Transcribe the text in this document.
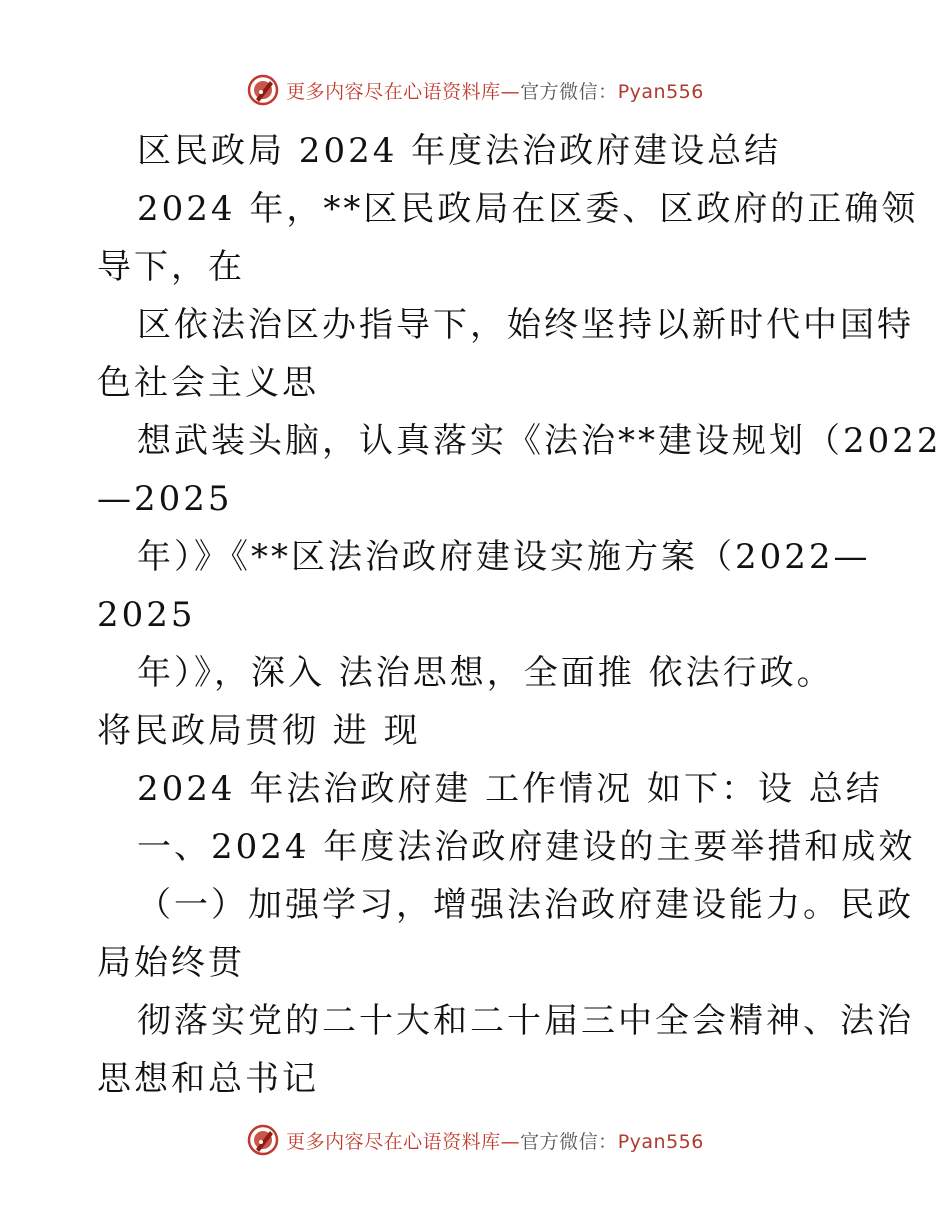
更多内容尽在心语资料库—官方微信：Pyan556
区民政局 2024 年度法治政府建设总结
2024 年，**区民政局在区委、区政府的正确领
导下，在
区依法治区办指导下，始终坚持以新时代中国特
色社会主义思
想武装头脑，认真落实《法治**建设规划（2022
—2025
年）》《**区法治政府建设实施方案（2022—
2025
年）》，深入 法治思想，全面推 依法行政。
将民政局贯彻 进 现
2024 年法治政府建 工作情况 如下：设 总结
一、2024 年度法治政府建设的主要举措和成效
（一）加强学习，增强法治政府建设能力。民政
局始终贯
彻落实党的二十大和二十届三中全会精神、法治
思想和总书记
更多内容尽在心语资料库—官方微信：Pyan556
